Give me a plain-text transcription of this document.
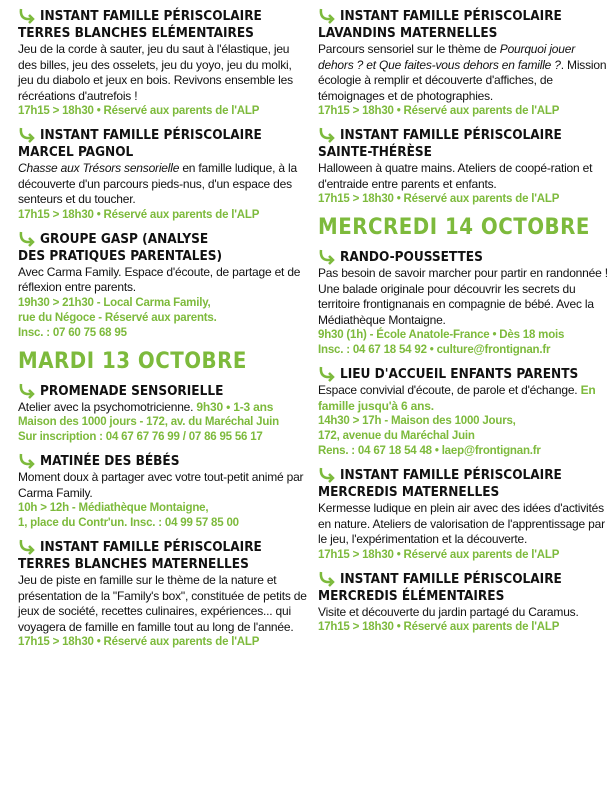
INSTANT FAMILLE PÉRISCOLAIRE
TERRES BLANCHES ELÉMENTAIRES
Jeu de la corde à sauter, jeu du saut à l'élastique, jeu des billes, jeu des osselets, jeu du yoyo, jeu du molki, jeu du diabolo et jeux en bois. Revivons ensemble les récréations d'autrefois !
17h15 > 18h30 • Réservé aux parents de l'ALP
INSTANT FAMILLE PÉRISCOLAIRE
MARCEL PAGNOL
Chasse aux Trésors sensorielle en famille ludique, à la découverte d'un parcours pieds-nus, d'un espace des senteurs et du toucher.
17h15 > 18h30 • Réservé aux parents de l'ALP
GROUPE GASP (ANALYSE
DES PRATIQUES PARENTALES)
Avec Carma Family. Espace d'écoute, de partage et de réflexion entre parents.
19h30 > 21h30 - Local Carma Family,
rue du Négoce - Réservé aux parents.
Insc. : 07 60 75 68 95
MARDI 13 OCTOBRE
PROMENADE SENSORIELLE
Atelier avec la psychomotricienne. 9h30 • 1-3 ans
Maison des 1000 jours - 172, av. du Maréchal Juin
Sur inscription : 04 67 67 76 99 / 07 86 95 56 17
MATINÉE DES BÉBÉS
Moment doux à partager avec votre tout-petit animé par Carma Family.
10h > 12h - Médiathèque Montaigne,
1, place du Contr'un. Insc. : 04 99 57 85 00
INSTANT FAMILLE PÉRISCOLAIRE
TERRES BLANCHES MATERNELLES
Jeu de piste en famille sur le thème de la nature et présentation de la "Family's box", constituée de petits de jeux de société, recettes culinaires, expériences... qui voyagera de famille en famille tout au long de l'année.
17h15 > 18h30 • Réservé aux parents de l'ALP
INSTANT FAMILLE PÉRISCOLAIRE
LAVANDINS MATERNELLES
Parcours sensoriel sur le thème de Pourquoi jouer dehors ? et Que faites-vous dehors en famille ?. Mission écologie à remplir et découverte d'affiches, de témoignages et de photographies.
17h15 > 18h30 • Réservé aux parents de l'ALP
INSTANT FAMILLE PÉRISCOLAIRE
SAINTE-THÉRÈSE
Halloween à quatre mains. Ateliers de coopé-ration et d'entraide entre parents et enfants.
17h15 > 18h30 • Réservé aux parents de l'ALP
MERCREDI 14 OCTOBRE
RANDO-POUSSETTES
Pas besoin de savoir marcher pour partir en randonnée ! Une balade originale pour découvrir les secrets du territoire frontignanais en compagnie de bébé. Avec la Médiathèque Montaigne.
9h30 (1h) - École Anatole-France • Dès 18 mois
Insc. : 04 67 18 54 92 • culture@frontignan.fr
LIEU D'ACCUEIL ENFANTS PARENTS
Espace convivial d'écoute, de parole et d'échange. En famille jusqu'à 6 ans.
14h30 > 17h - Maison des 1000 Jours,
172, avenue du Maréchal Juin
Rens. : 04 67 18 54 48 • laep@frontignan.fr
INSTANT FAMILLE PÉRISCOLAIRE
MERCREDIS MATERNELLES
Kermesse ludique en plein air avec des idées d'activités en nature. Ateliers de valorisation de l'apprentissage par le jeu, l'expérimentation et la découverte.
17h15 > 18h30 • Réservé aux parents de l'ALP
INSTANT FAMILLE PÉRISCOLAIRE
MERCREDIS ÉLÉMENTAIRES
Visite et découverte du jardin partagé du Caramus.
17h15 > 18h30 • Réservé aux parents de l'ALP
